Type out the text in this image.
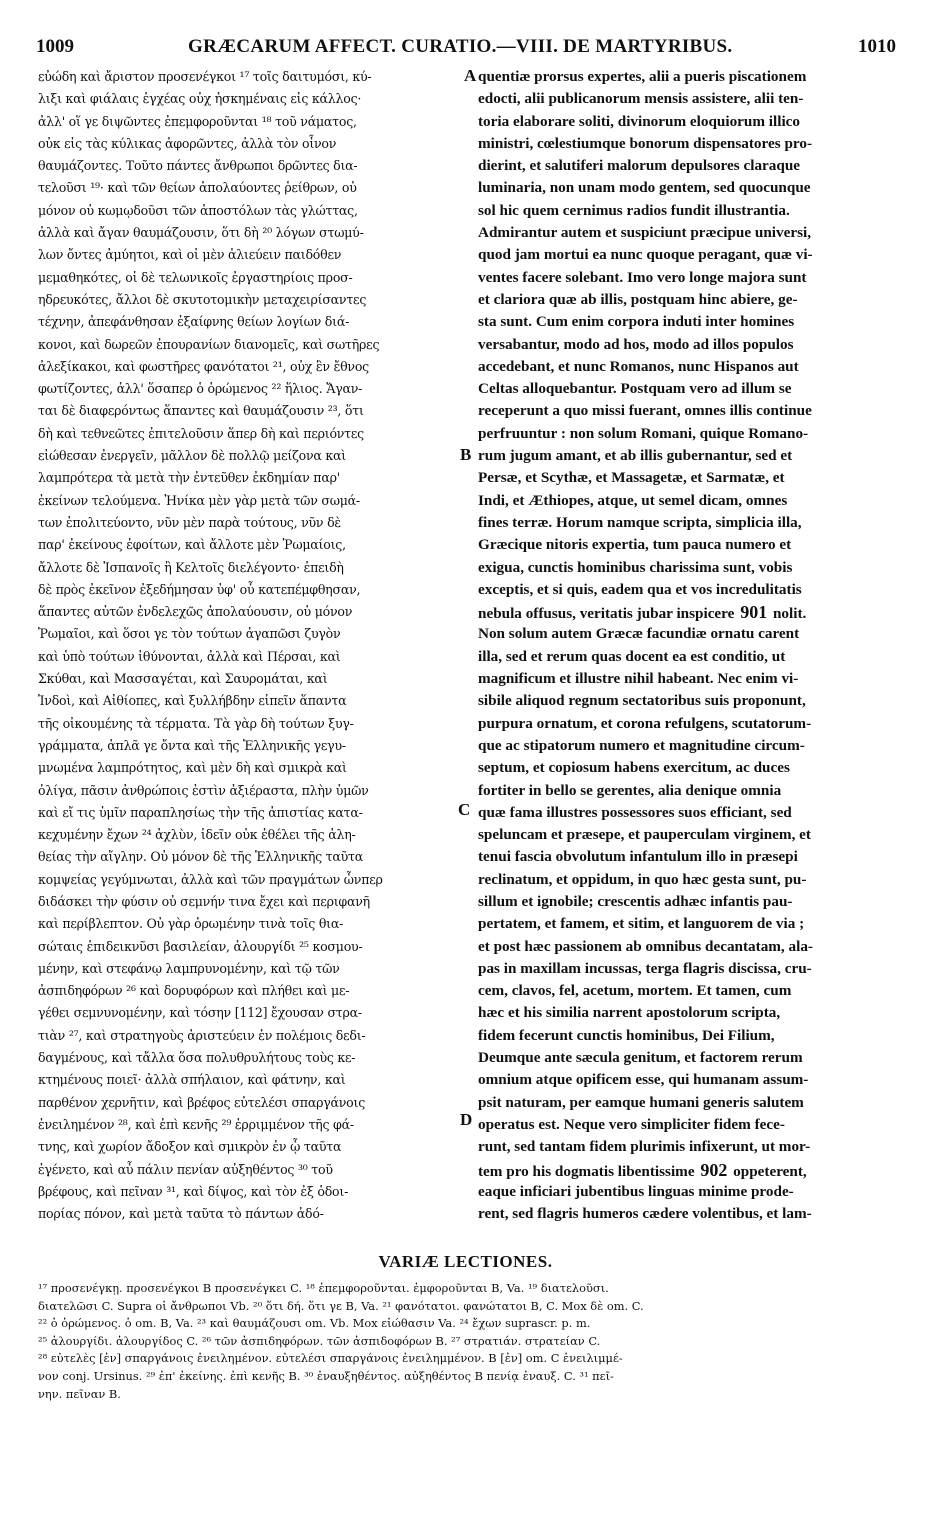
1009	GRÆCARUM AFFECT. CURATIO.—VIII. DE MARTYRIBUS.	1010
εὐώδη καὶ ἄριστον προσενέγκοι ¹⁷ τοῖς δαιτυμόσι, κύ-
λιξι καὶ φιάλαις ἐγχέας οὐχ ἠσκημέναις εἰς κάλλος·
ἀλλ' οἵ γε διψῶντες ἐπεμφοροῦνται ¹⁸ τοῦ νάματος,
οὐκ εἰς τὰς κύλικας ἀφορῶντες, ἀλλὰ τὸν οἶνον
θαυμάζοντες. Τοῦτο πάντες ἄνθρωποι δρῶντες δια-
τελοῦσι ¹⁹· καὶ τῶν θείων ἀπολαύοντες ῥείθρων, οὐ
μόνον οὐ κωμῳδοῦσι τῶν ἀποστόλων τὰς γλώττας,
ἀλλὰ καὶ ἄγαν θαυμάζουσιν, ὅτι δὴ ²⁰ λόγων στωμύ-
λων ὄντες ἀμύητοι, καὶ οἱ μὲν ἁλιεύειν παιδόθεν
μεμαθηκότες, οἱ δὲ τελωνικοῖς ἐργαστηρίοις προσ-
ηδρευκότες, ἄλλοι δὲ σκυτοτομικὴν μεταχειρίσαντες
τέχνην, ἀπεφάνθησαν ἐξαίφνης θείων λογίων διά-
κονοι, καὶ δωρεῶν ἐπουρανίων διανομεῖς, καὶ σωτῆρες
ἀλεξίκακοι, καὶ φωστῆρες φανότατοι ²¹, οὐχ ἓν ἔθνος
φωτίζοντες, ἀλλ' ὅσαπερ ὁ ὁρώμενος ²² ἥλιος. Ἄγαν-
ται δὲ διαφερόντως ἅπαντες καὶ θαυμάζουσιν ²³, ὅτι
δὴ καὶ τεθνεῶτες ἐπιτελοῦσιν ἅπερ δὴ καὶ περιόντες
εἰώθεσαν ἐνεργεῖν, μᾶλλον δὲ πολλῷ μείζονα καὶ
λαμπρότερα τὰ μετὰ τὴν ἐντεῦθεν ἐκδημίαν παρ'
ἐκείνων τελούμενα. Ἡνίκα μὲν γὰρ μετὰ τῶν σωμά-
των ἐπολιτεύοντο, νῦν μὲν παρὰ τούτους, νῦν δὲ
παρ' ἐκείνους ἐφοίτων, καὶ ἄλλοτε μὲν Ῥωμαίοις,
ἄλλοτε δὲ Ἱσπανοῖς ἢ Κελτοῖς διελέγοντο· ἐπειδὴ
δὲ πρὸς ἐκεῖνον ἐξεδήμησαν ὑφ' οὗ κατεπέμφθησαν,
ἅπαντες αὐτῶν ἐνδελεχῶς ἀπολαύουσιν, οὐ μόνον
Ῥωμαῖοι, καὶ ὅσοι γε τὸν τούτων ἀγαπῶσι ζυγὸν
καὶ ὑπὸ τούτων ἰθύνονται, ἀλλὰ καὶ Πέρσαι, καὶ
Σκύθαι, καὶ Μασσαγέται, καὶ Σαυρομάται, καὶ
Ἰνδοὶ, καὶ Αἰθίοπες, καὶ ξυλλήβδην εἰπεῖν ἅπαντα
τῆς οἰκουμένης τὰ τέρματα. Τὰ γὰρ δὴ τούτων ξυγ-
γράμματα, ἁπλᾶ γε ὄντα καὶ τῆς Ἑλληνικῆς γεγυ-
μνωμένα λαμπρότητος, καὶ μὲν δὴ καὶ σμικρὰ καὶ
ὀλίγα, πᾶσιν ἀνθρώποις ἐστὶν ἀξιέραστα, πλὴν ὑμῶν
καὶ εἴ τις ὑμῖν παραπλησίως τὴν τῆς ἀπιστίας κατα-
κεχυμένην ἔχων ²⁴ ἀχλὺν, ἰδεῖν οὐκ ἐθέλει τῆς ἀλη-
θείας τὴν αἴγλην. Οὐ μόνον δὲ τῆς Ἑλληνικῆς ταῦτα
κομψείας γεγύμνωται, ἀλλὰ καὶ τῶν πραγμάτων ὧνπερ
διδάσκει τὴν φύσιν οὐ σεμνήν τινα ἔχει καὶ περιφανῆ
καὶ περίβλεπτον. Οὐ γὰρ ὁρωμένην τινὰ τοῖς θια-
σώταις ἐπιδεικνῦσι βασιλείαν, ἁλουργίδι ²⁵ κοσμου-
μένην, καὶ στεφάνῳ λαμπρυνομένην, καὶ τῷ τῶν
ἀσπιδηφόρων ²⁶ καὶ δορυφόρων καὶ πλήθει καὶ με-
γέθει σεμνυνομένην, καὶ τόσην [112] ἔχουσαν στρα-
τιὰν ²⁷, καὶ στρατηγοὺς ἀριστεύειν ἐν πολέμοις δεδι-
δαγμένους, καὶ τἄλλα ὅσα πολυθρυλήτους τοὺς κε-
κτημένους ποιεῖ· ἀλλὰ σπήλαιον, καὶ φάτνην, καὶ
παρθένον χερνῆτιν, καὶ βρέφος εὐτελέσι σπαργάνοις
ἐνειλημένον ²⁸, καὶ ἐπὶ κενῆς ²⁹ ἐρριμμένον τῆς φά-
τνης, καὶ χωρίον ἄδοξον καὶ σμικρὸν ἐν ᾧ ταῦτα
ἐγένετο, καὶ αὖ πάλιν πενίαν αὐξηθέντος ³⁰ τοῦ
βρέφους, καὶ πεῖναν ³¹, καὶ δίψος, καὶ τὸν ἐξ ὁδοι-
πορίας πόνον, καὶ μετὰ ταῦτα τὸ πάντων ἀδό-
quentiæ prorsus expertes, alii a pueris piscationem
edocti, alii publicanorum mensis assistere, alii ten-
toria elaborare soliti, divinorum eloquiorum illico
ministri, cœlestiumque bonorum dispensatores pro-
dierint, et salutiferi malorum depulsores claraque
luminaria, non unam modo gentem, sed quocunque
sol hic quem cernimus radios fundit illustrantia.
Admirantur autem et suspiciunt præcipue universi,
quod jam mortui ea nunc quoque peragant, quæ vi-
ventes facere solebant. Imo vero longe majora sunt
et clariora quæ ab illis, postquam hinc abiere, ge-
sta sunt. Cum enim corpora induti inter homines
versabantur, modo ad hos, modo ad illos populos
accedebant, et nunc Romanos, nunc Hispanos aut
Celtas alloquebantur. Postquam vero ad illum se
receperunt a quo missi fuerant, omnes illis continue
perfruuntur : non solum Romani, quique Romano-
rum jugum amant, et ab illis gubernantur, sed et
Persæ, et Scythæ, et Massagetæ, et Sarmatæ, et
Indi, et Æthiopes, atque, ut semel dicam, omnes
fines terræ. Horum namque scripta, simplicia illa,
Græcique nitoris expertia, tum pauca numero et
exigua, cunctis hominibus charissima sunt, vobis
exceptis, et si quis, eadem qua et vos incredulitatis
nebula offusus, veritatis jubar inspicere 901 nolit.
Non solum autem Græcæ facundiæ ornatu carent
illa, sed et rerum quas docent ea est conditio, ut
magnificum et illustre nihil habeant. Nec enim vi-
sibile aliquod regnum sectatoribus suis proponunt,
purpura ornatum, et corona refulgens, scutatorum-
que ac stipatorum numero et magnitudine circum-
septum, et copiosum habens exercitum, ac duces
fortiter in bello se gerentes, alia denique omnia
quæ fama illustres possessores suos efficiant, sed
speluncam et præsepe, et pauperculam virginem, et
tenui fascia obvolutum infantulum illo in præsepi
reclinatum, et oppidum, in quo hæc gesta sunt, pu-
sillum et ignobile; crescentis adhæc infantis pau-
pertatem, et famem, et sitim, et languorem de via ;
et post hæc passionem ab omnibus decantatam, ala-
pas in maxillam incussas, terga flagris discissa, cru-
cem, clavos, fel, acetum, mortem. Et tamen, cum
hæc et his similia narrent apostolorum scripta,
fidem fecerunt cunctis hominibus, Dei Filium,
Deumque ante sæcula genitum, et factorem rerum
omnium atque opificem esse, qui humanam assum-
psit naturam, per eamque humani generis salutem
operatus est. Neque vero simpliciter fidem fece-
runt, sed tantam fidem plurimis infixerunt, ut mor-
tem pro his dogmatis libentissime 902 oppeterent,
eaque inficiari jubentibus linguas minime prode-
rent, sed flagris humeros cædere volentibus, et lam-
A
B
C
D
VARIÆ LECTIONES.
¹⁷ προσενέγκῃ. προσενέγκοι B προσενέγκει C. ¹⁸ ἐπεμφοροῦνται. ἐμφοροῦνται B, Va. ¹⁹ διατελοῦσι.
διατελῶσι C. Supra οἱ ἄνθρωποι Vb. ²⁰ ὅτι δή. ὅτι γε B, Va. ²¹ φανότατοι. φανώτατοι B, C. Mox δὲ om. C.
²² ὁ ὁρώμενος. ὁ om. B, Va. ²³ καὶ θαυμάζουσι om. Vb. Mox εἰώθασιν Va. ²⁴ ἔχων suprascr. p. m.
²⁵ ἁλουργίδι. ἁλουργίδος C. ²⁶ τῶν ἀσπιδηφόρων. τῶν ἀσπιδοφόρων B. ²⁷ στρατιάν. στρατείαν C.
²⁸ εὐτελὲς [ἐν] σπαργάνοις ἐνειλημένον. εὐτελέσι σπαργάνοις ἐνειλημμένον. B [ἐν] om. C ἐνειλιμμέ-
νον conj. Ursinus. ²⁹ ἐπ' ἐκείνης. ἐπὶ κενῆς B. ³⁰ ἐναυξηθέντος. αὐξηθέντος B πενίᾳ ἐναυξ. C. ³¹ πεῖ-
νην. πεῖναν B.
